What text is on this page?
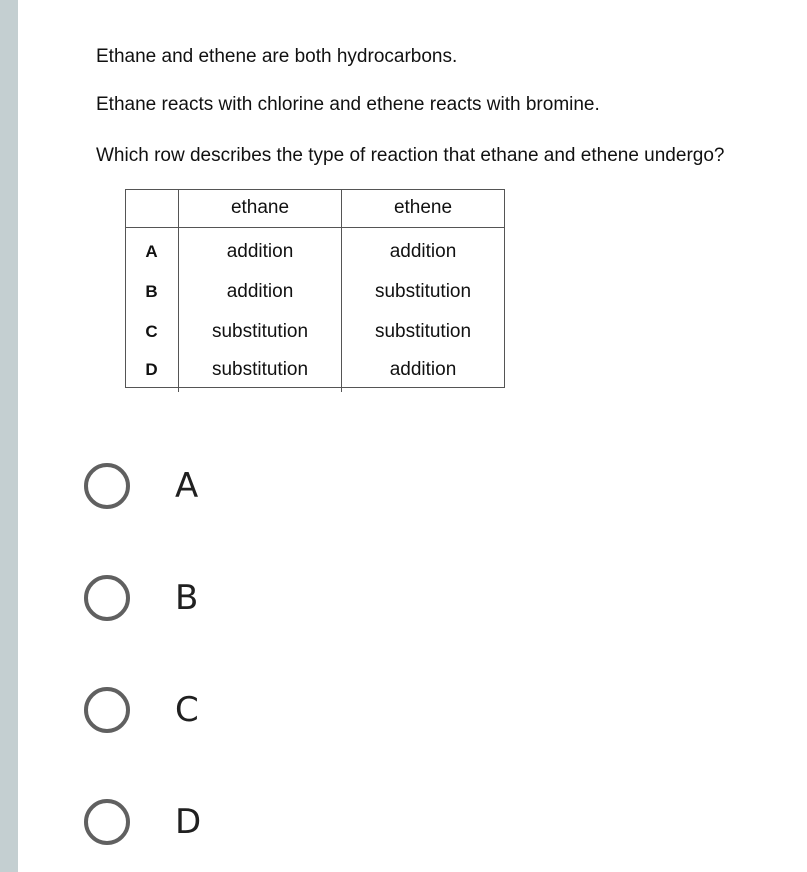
Ethane and ethene are both hydrocarbons.
Ethane reacts with chlorine and ethene reacts with bromine.
Which row describes the type of reaction that ethane and ethene undergo?
	ethane	ethene
A	addition	addition
B	addition	substitution
C	substitution	substitution
D	substitution	addition
A
B
C
D
